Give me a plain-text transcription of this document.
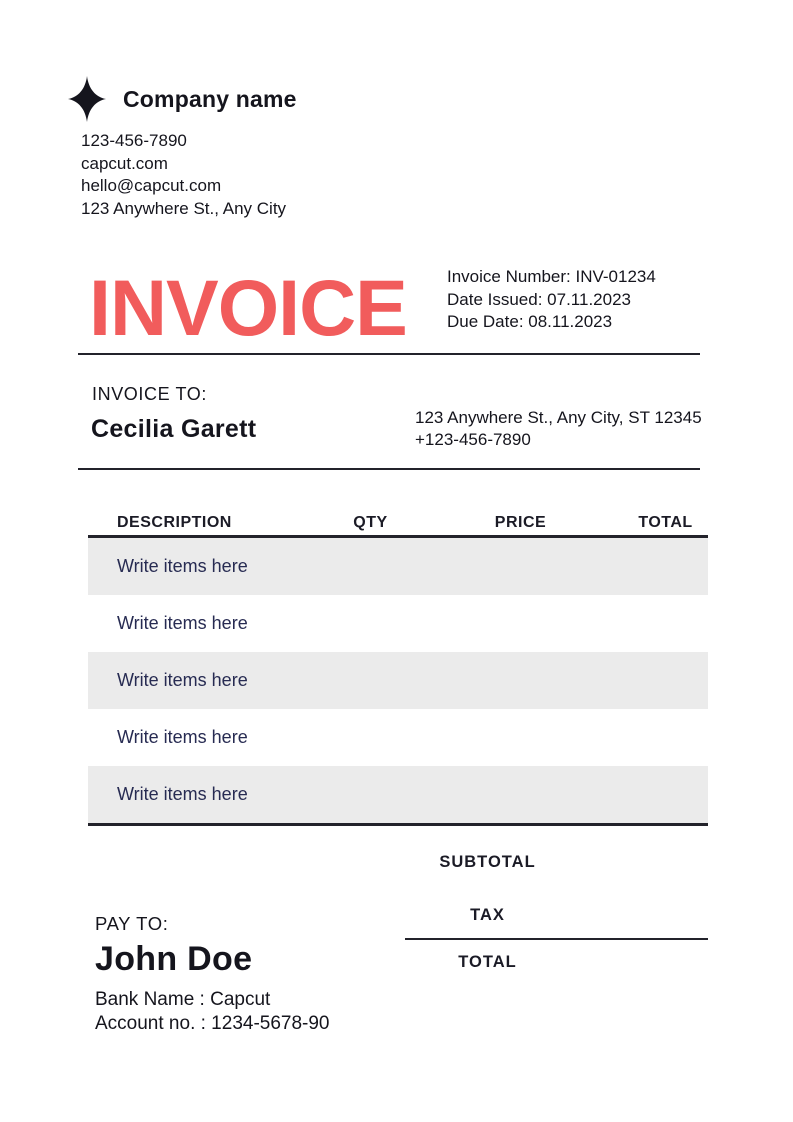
Company name
123-456-7890
capcut.com
hello@capcut.com
123 Anywhere St., Any City
INVOICE Invoice Number: INV-01234
Date Issued: 07.11.2023
Due Date: 08.11.2023
INVOICE TO:
Cecilia Garett	123 Anywhere St., Any City, ST 12345
+123-456-7890
DESCRIPTION	QTY	PRICE	TOTAL
Write items here
Write items here
Write items here
Write items here
Write items here
SUBTOTAL
TAX
TOTAL
PAY TO:
John Doe
Bank Name : Capcut
Account no. : 1234-5678-90
